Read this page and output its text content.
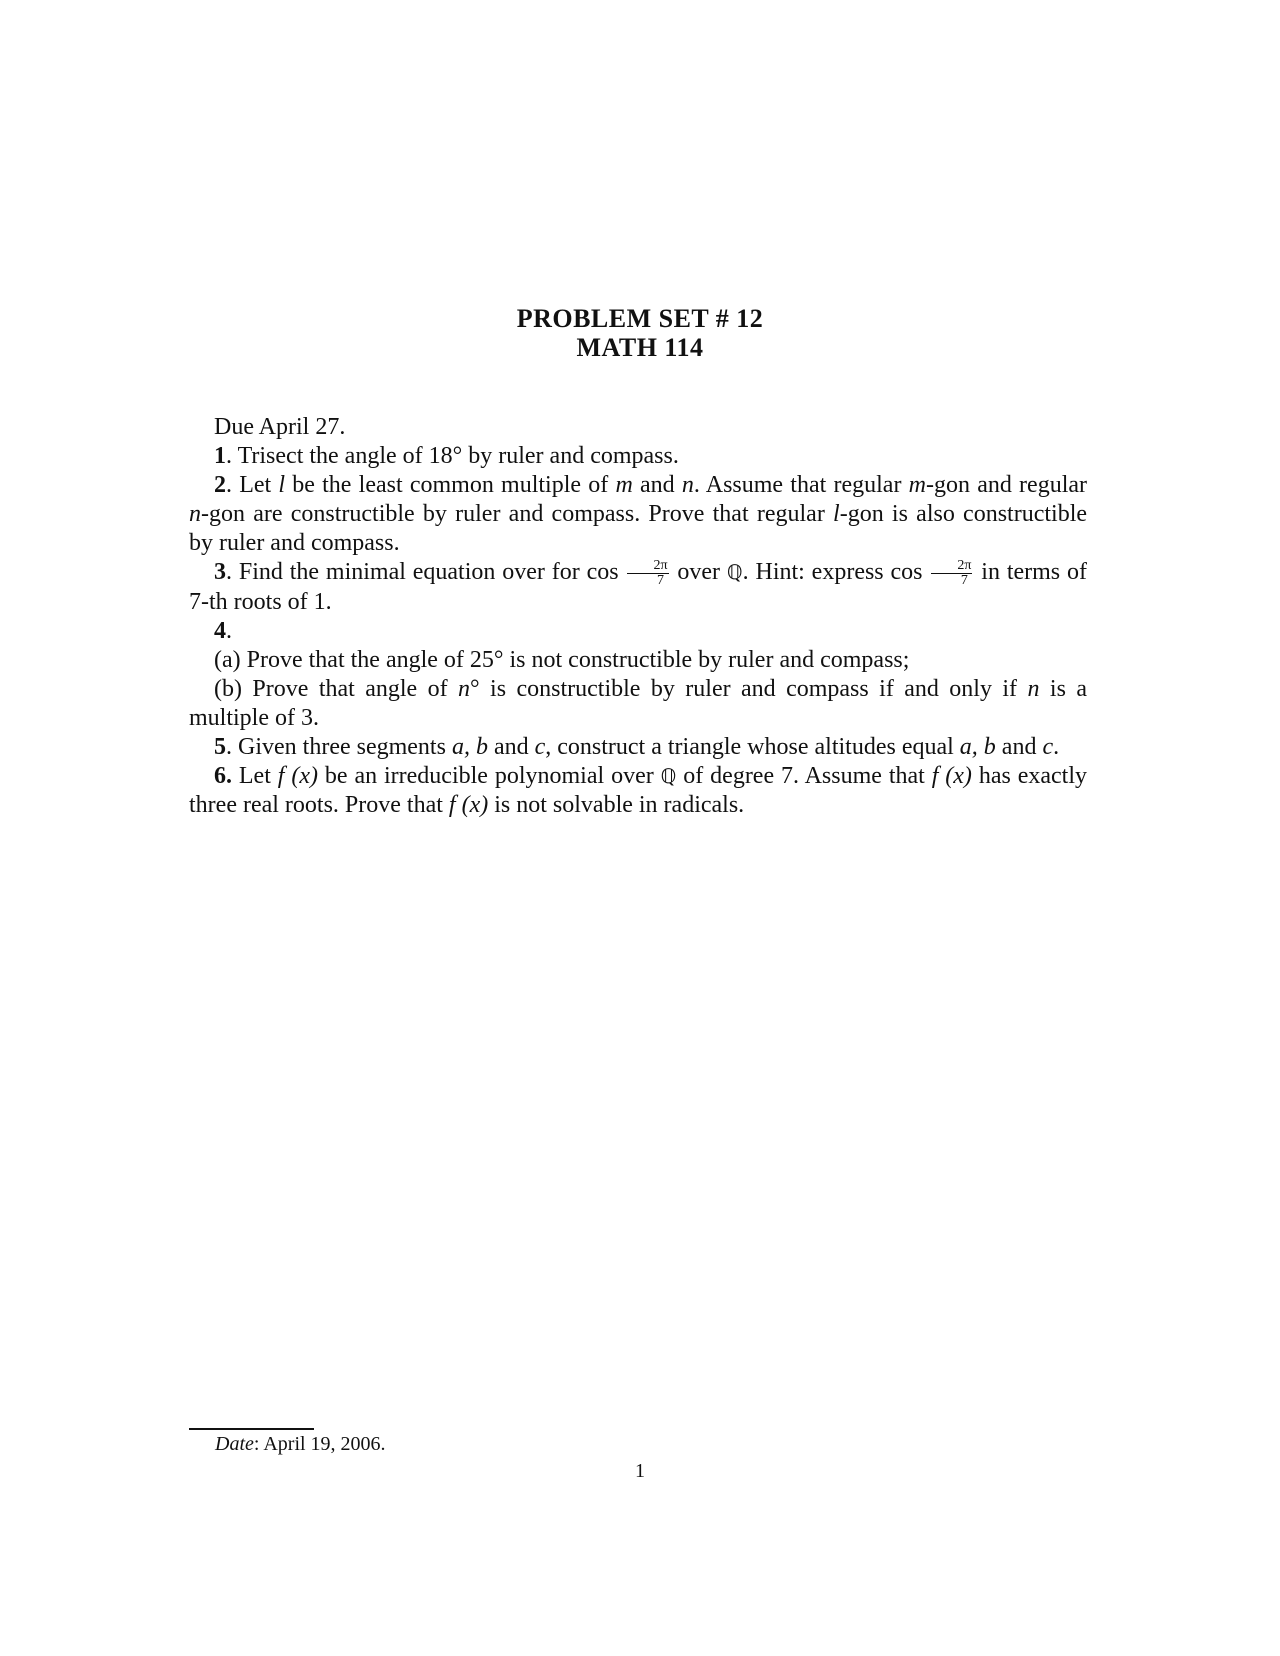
PROBLEM SET # 12
MATH 114

Due April 27.

1. Trisect the angle of 18° by ruler and compass.

2. Let l be the least common multiple of m and n. Assume that regular m-gon and regular n-gon are constructible by ruler and compass. Prove that regular l-gon is also constructible by ruler and compass.

3. Find the minimal equation over for $\cos \frac{2\pi}{7}$ over ℚ. Hint: express $\cos \frac{2\pi}{7}$ in terms of 7-th roots of 1.

4.

(a) Prove that the angle of 25° is not constructible by ruler and compass;

(b) Prove that angle of n° is constructible by ruler and compass if and only if n is a multiple of 3.

5. Given three segments a, b and c, construct a triangle whose altitudes equal a, b and c.

6. Let f (x) be an irreducible polynomial over ℚ of degree 7. Assume that f (x) has exactly three real roots. Prove that f (x) is not solvable in radicals.

Date: April 19, 2006.
1
